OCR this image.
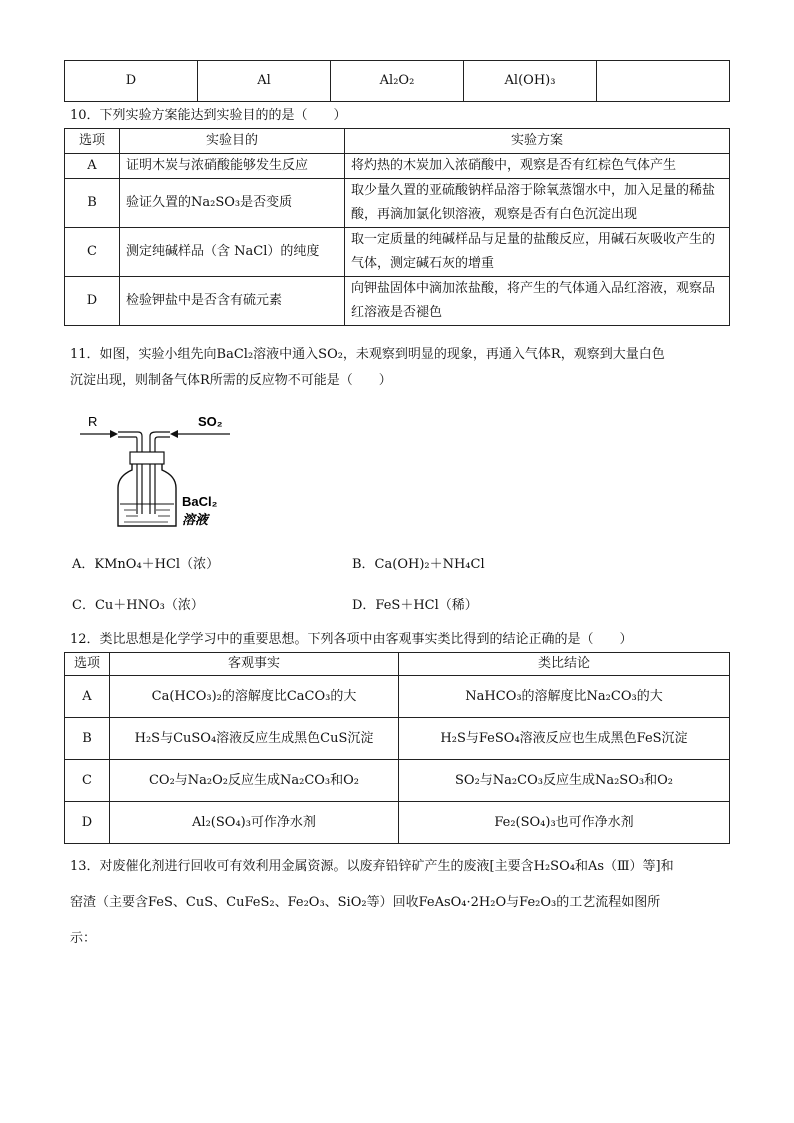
D	Al	Al₂O₂	Al(OH)₃	
10．下列实验方案能达到实验目的的是（　　）
选项	实验目的	实验方案
A	证明木炭与浓硝酸能够发生反应	将灼热的木炭加入浓硝酸中，观察是否有红棕色气体产生
B	验证久置的Na₂SO₃是否变质	取少量久置的亚硫酸钠样品溶于除氧蒸馏水中，加入足量的稀盐酸，再滴加氯化钡溶液，观察是否有白色沉淀出现
C	测定纯碱样品（含 NaCl）的纯度	取一定质量的纯碱样品与足量的盐酸反应，用碱石灰吸收产生的气体，测定碱石灰的增重
D	检验钾盐中是否含有硫元素	向钾盐固体中滴加浓盐酸，将产生的气体通入品红溶液，观察品红溶液是否褪色

11．如图，实验小组先向BaCl₂溶液中通入SO₂，未观察到明显的现象，再通入气体R，观察到大量白色

沉淀出现，则制备气体R所需的反应物不可能是（　　）

R	SO₂
BaCl₂
溶液
A．KMnO₄＋HCl（浓）	B．Ca(OH)₂＋NH₄Cl
C．Cu＋HNO₃（浓）	D．FeS＋HCl（稀）
12．类比思想是化学学习中的重要思想。下列各项中由客观事实类比得到的结论正确的是（　　）
选项	客观事实	类比结论
A	Ca(HCO₃)₂的溶解度比CaCO₃的大	NaHCO₃的溶解度比Na₂CO₃的大
B	H₂S与CuSO₄溶液反应生成黑色CuS沉淀	H₂S与FeSO₄溶液反应也生成黑色FeS沉淀
C	CO₂与Na₂O₂反应生成Na₂CO₃和O₂	SO₂与Na₂CO₃反应生成Na₂SO₃和O₂
D	Al₂(SO₄)₃可作净水剂	Fe₂(SO₄)₃也可作净水剂

13．对废催化剂进行回收可有效利用金属资源。以废弃铅锌矿产生的废液[主要含H₂SO₄和As（Ⅲ）等]和

窑渣（主要含FeS、CuS、CuFeS₂、Fe₂O₃、SiO₂等）回收FeAsO₄·2H₂O与Fe₂O₃的工艺流程如图所

示：
